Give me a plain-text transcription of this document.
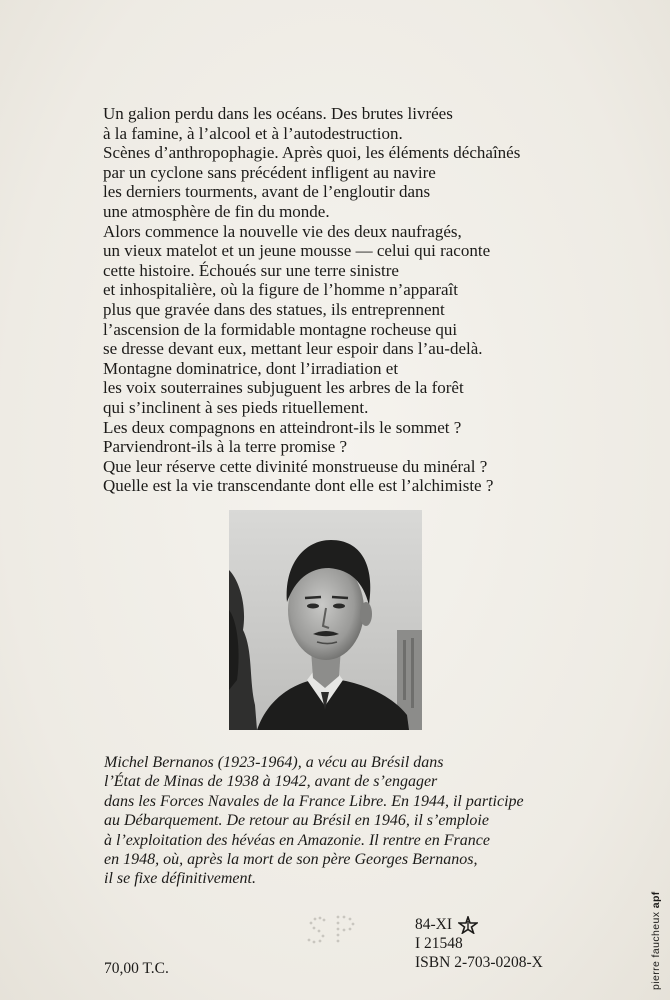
Un galion perdu dans les océans. Des brutes livrées
à la famine, à l’alcool et à l’autodestruction.
Scènes d’anthropophagie. Après quoi, les éléments déchaînés
par un cyclone sans précédent infligent au navire
les derniers tourments, avant de l’engloutir dans
une atmosphère de fin du monde.
Alors commence la nouvelle vie des deux naufragés,
un vieux matelot et un jeune mousse — celui qui raconte
cette histoire. Échoués sur une terre sinistre
et inhospitalière, où la figure de l’homme n’apparaît
plus que gravée dans des statues, ils entreprennent
l’ascension de la formidable montagne rocheuse qui
se dresse devant eux, mettant leur espoir dans l’au-delà.
Montagne dominatrice, dont l’irradiation et
les voix souterraines subjuguent les arbres de la forêt
qui s’inclinent à ses pieds rituellement.
Les deux compagnons en atteindront-ils le sommet ?
Parviendront-ils à la terre promise ?
Que leur réserve cette divinité monstrueuse du minéral ?
Quelle est la vie transcendante dont elle est l’alchimiste ?
Michel Bernanos (1923-1964), a vécu au Brésil dans
l’État de Minas de 1938 à 1942, avant de s’engager
dans les Forces Navales de la France Libre. En 1944, il participe
au Débarquement. De retour au Brésil en 1946, il s’emploie
à l’exploitation des hévéas en Amazonie. Il rentre en France
en 1948, où, après la mort de son père Georges Bernanos,
il se fixe définitivement.
84-XI
I 21548
ISBN 2-703-0208-X
70,00 T.C.	pierre faucheux apf
